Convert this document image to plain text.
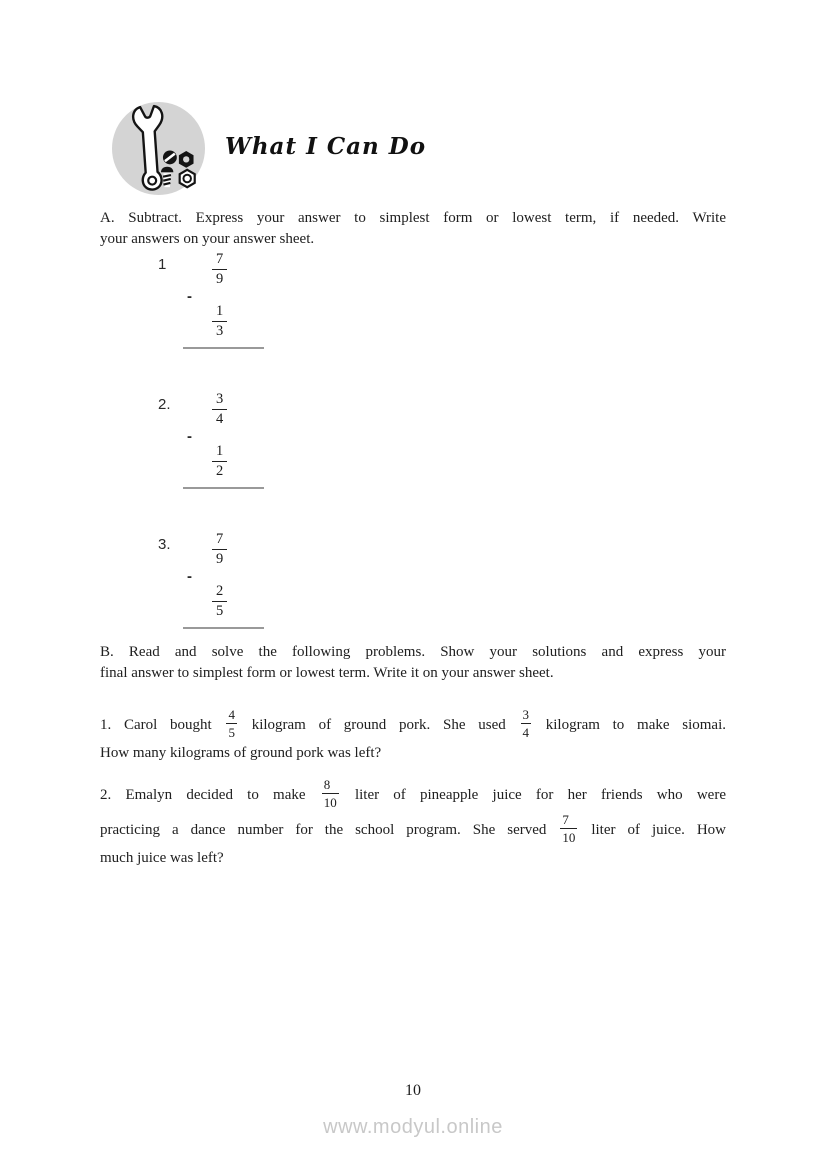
What I Can Do
A. Subtract. Express your answer to simplest form or lowest term, if needed. Write
your answers on your answer sheet.
1	$\frac{7}{9}$
-
$\frac{1}{3}$
2.	$\frac{3}{4}$
-
$\frac{1}{2}$
3.	$\frac{7}{9}$
-
$\frac{2}{5}$
B. Read and solve the following problems. Show your solutions and express your
final answer to simplest form or lowest term. Write it on your answer sheet.
1. Carol bought $\frac{4}{5}$ kilogram of ground pork. She used $\frac{3}{4}$ kilogram to make siomai.
How many kilograms of ground pork was left?
2. Emalyn decided to make $\frac{8}{10}$ liter of pineapple juice for her friends who were
practicing a dance number for the school program. She served $\frac{7}{10}$ liter of juice. How
much juice was left?
10
www.modyul.online
